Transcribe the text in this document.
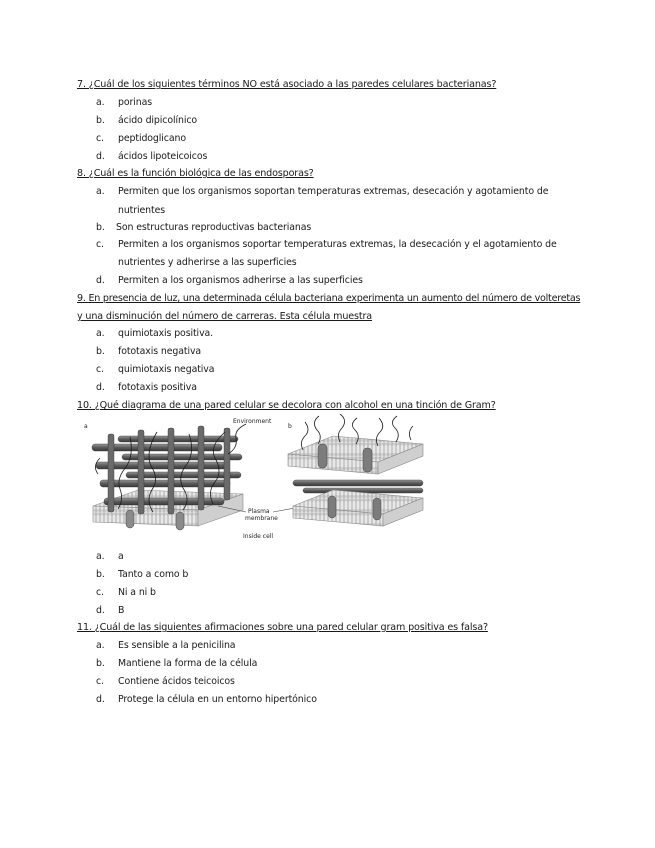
7. ¿Cuál de los siguientes términos NO está asociado a las paredes celulares bacterianas?
a.	porinas
b.	ácido dipicolínico
c.	peptidoglicano
d.	ácidos lipoteicoicos
8. ¿Cuál es la función biológica de las endosporas?
a.	Permiten que los organismos soportan temperaturas extremas, desecación y agotamiento de
nutrientes
b.	Son estructuras reproductivas bacterianas
c.	Permiten a los organismos soportar temperaturas extremas, la desecación y el agotamiento de
nutrientes y adherirse a las superficies
d.	Permiten a los organismos adherirse a las superficies
9. En presencia de luz, una determinada célula bacteriana experimenta un aumento del número de volteretas
y una disminución del número de carreras. Esta célula muestra
a.	quimiotaxis positiva.
b.	fototaxis negativa
c.	quimiotaxis negativa
d.	fototaxis positiva
10. ¿Qué diagrama de una pared celular se decolora con alcohol en una tinción de Gram?
a
Environment
Plasma
membrane
Inside cell
b
a.	a
b.	Tanto a como b
c.	Ni a ni b
d.	B
11. ¿Cuál de las siguientes afirmaciones sobre una pared celular gram positiva es falsa?
a.	Es sensible a la penicilina
b.	Mantiene la forma de la célula
c.	Contiene ácidos teicoicos
d.	Protege la célula en un entorno hipertónico
